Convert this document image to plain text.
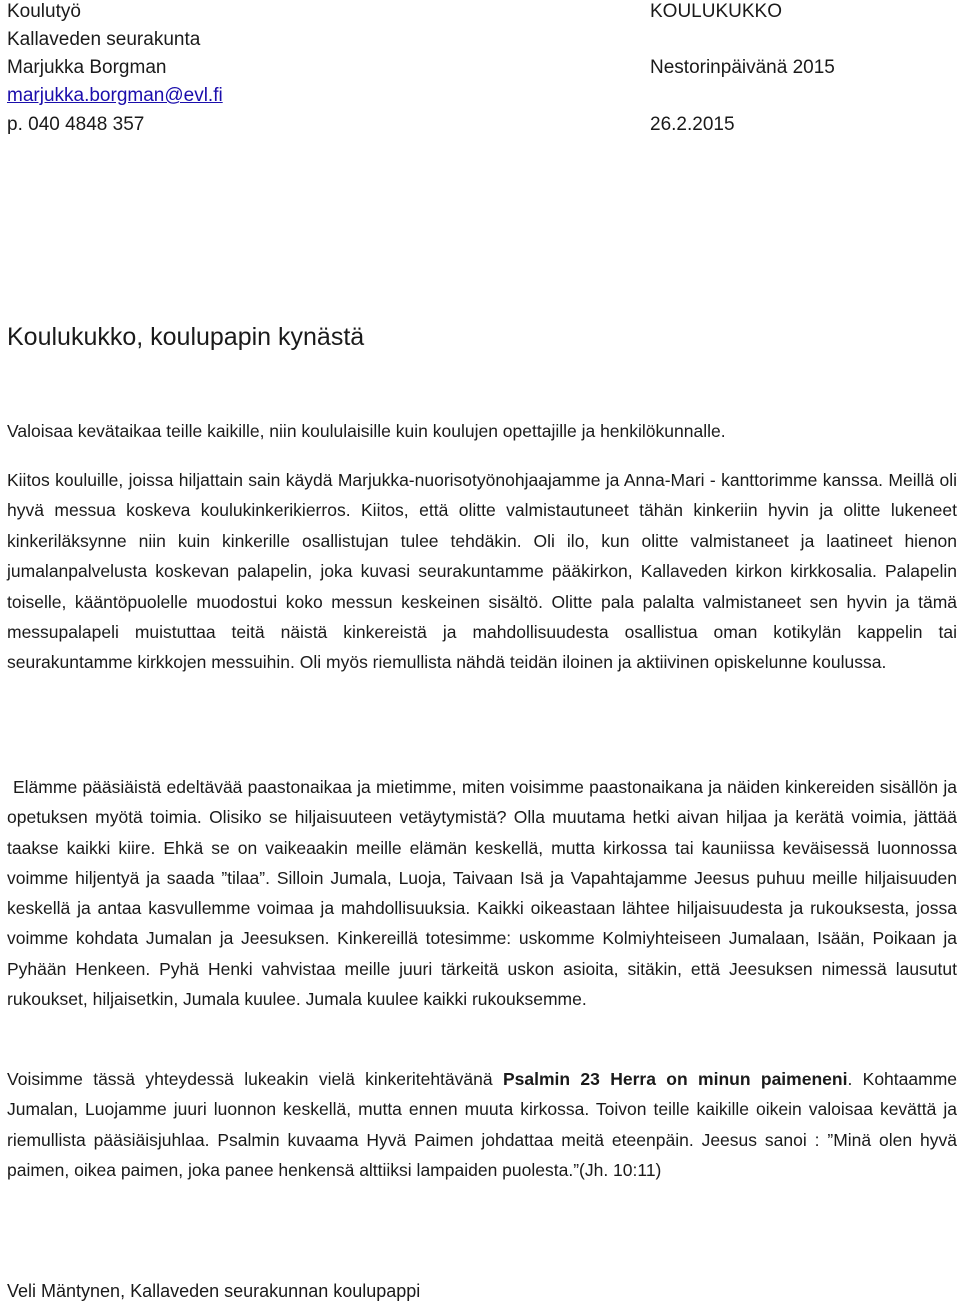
Koulutyö	KOULUKUKKO
Kallaveden seurakunta
Marjukka Borgman	Nestorinpäivänä 2015
marjukka.borgman@evl.fi
p. 040 4848 357	26.2.2015
Koulukukko, koulupapin kynästä

Valoisaa kevätaikaa teille kaikille, niin koululaisille kuin koulujen opettajille ja henkilökunnalle.

Kiitos kouluille, joissa hiljattain sain käydä Marjukka-nuorisotyönohjaajamme ja Anna-Mari - kanttorimme kanssa. Meillä oli hyvä messua koskeva koulukinkerikierros. Kiitos, että olitte valmistautuneet tähän kinkeriin hyvin ja olitte lukeneet kinkeriläksynne niin kuin kinkerille osallistujan tulee tehdäkin. Oli ilo, kun olitte valmistaneet ja laatineet hienon jumalanpalvelusta koskevan palapelin, joka kuvasi seurakuntamme pääkirkon, Kallaveden kirkon kirkkosalia. Palapelin toiselle, kääntöpuolelle muodostui koko messun keskeinen sisältö. Olitte pala palalta valmistaneet sen hyvin ja tämä messupalapeli muistuttaa teitä näistä kinkereistä ja mahdollisuudesta osallistua oman kotikylän kappelin tai seurakuntamme kirkkojen messuihin. Oli myös riemullista nähdä teidän iloinen ja aktiivinen opiskelunne koulussa.

Elämme pääsiäistä edeltävää paastonaikaa ja mietimme, miten voisimme paastonaikana ja näiden kinkereiden sisällön ja opetuksen myötä toimia. Olisiko se hiljaisuuteen vetäytymistä? Olla muutama hetki aivan hiljaa ja kerätä voimia, jättää taakse kaikki kiire. Ehkä se on vaikeaakin meille elämän keskellä, mutta kirkossa tai kauniissa keväisessä luonnossa voimme hiljentyä ja saada ”tilaa”. Silloin Jumala, Luoja, Taivaan Isä ja Vapahtajamme Jeesus puhuu meille hiljaisuuden keskellä ja antaa kasvullemme voimaa ja mahdollisuuksia. Kaikki oikeastaan lähtee hiljaisuudesta ja rukouksesta, jossa voimme kohdata Jumalan ja Jeesuksen. Kinkereillä totesimme: uskomme Kolmiyhteiseen Jumalaan, Isään, Poikaan ja Pyhään Henkeen. Pyhä Henki vahvistaa meille juuri tärkeitä uskon asioita, sitäkin, että Jeesuksen nimessä lausutut rukoukset, hiljaisetkin, Jumala kuulee. Jumala kuulee kaikki rukouksemme.

Voisimme tässä yhteydessä lukeakin vielä kinkeritehtävänä Psalmin 23 Herra on minun paimeneni. Kohtaamme Jumalan, Luojamme juuri luonnon keskellä, mutta ennen muuta kirkossa. Toivon teille kaikille oikein valoisaa kevättä ja riemullista pääsiäisjuhlaa. Psalmin kuvaama Hyvä Paimen johdattaa meitä eteenpäin. Jeesus sanoi : ”Minä olen hyvä paimen, oikea paimen, joka panee henkensä alttiiksi lampaiden puolesta.”(Jh. 10:11)

Veli Mäntynen, Kallaveden seurakunnan koulupappi
